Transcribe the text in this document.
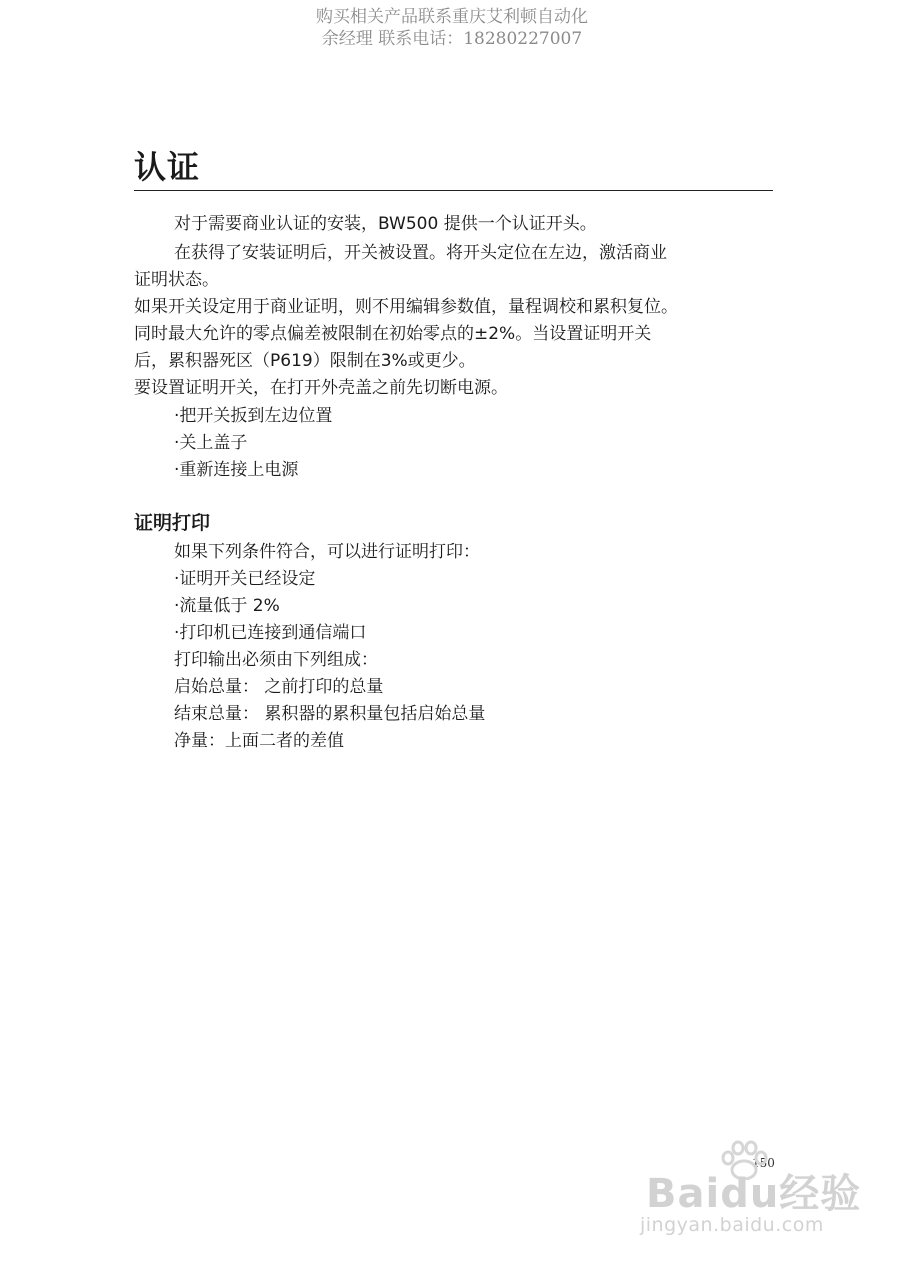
购买相关产品联系重庆艾利顿自动化
余经理 联系电话：18280227007
认证
对于需要商业认证的安装，BW500 提供一个认证开头。
在获得了安装证明后，开关被设置。将开头定位在左边，激活商业
证明状态。
如果开关设定用于商业证明，则不用编辑参数值，量程调校和累积复位。
同时最大允许的零点偏差被限制在初始零点的±2%。当设置证明开关
后，累积器死区（P619）限制在3%或更少。
要设置证明开关，在打开外壳盖之前先切断电源。
·把开关扳到左边位置
·关上盖子
·重新连接上电源
证明打印
如果下列条件符合，可以进行证明打印：
·证明开关已经设定
·流量低于 2%
·打印机已连接到通信端口
打印输出必须由下列组成：
启始总量： 之前打印的总量
结束总量： 累积器的累积量包括启始总量
净量：上面二者的差值
150
Baidu经验
jingyan.baidu.com
